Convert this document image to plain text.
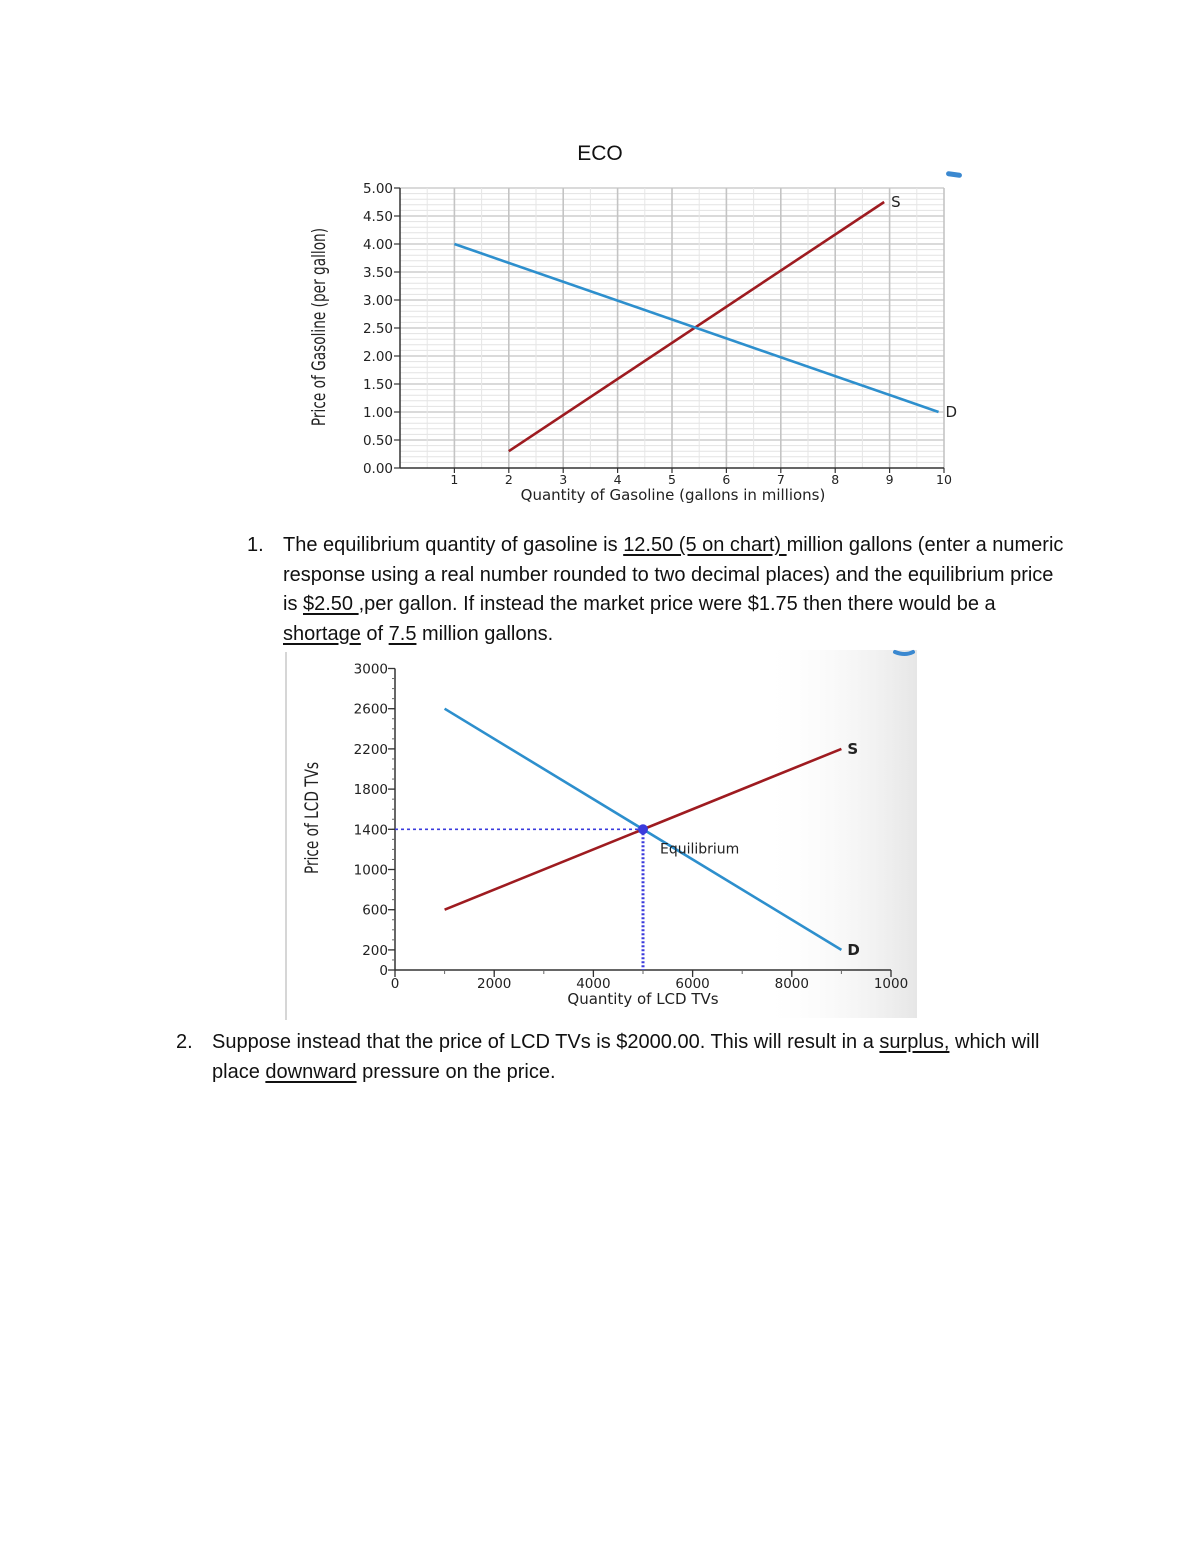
ECO
0.00
0.50
1.00
1.50
2.00
2.50
3.00
3.50
4.00
4.50
5.00
1	2	3	4	5	6	7	8	9	10
S
D
Price of Gasoline (per gallon)
Quantity of Gasoline (gallons in millions)
1. The equilibrium quantity of gasoline is 12.50 (5 on chart) million gallons (enter a numeric response using a real number rounded to two decimal places) and the equilibrium price is $2.50 ,per gallon. If instead the market price were $1.75 then there would be a shortage of 7.5 million gallons.
0
200
600
1000
1400
1800
2200
2600
3000
0	2000	4000	6000	8000	1000
S
D
Equilibrium
Price of LCD TVs
Quantity of LCD TVs
2. Suppose instead that the price of LCD TVs is $2000.00. This will result in a surplus, which will place downward pressure on the price.
